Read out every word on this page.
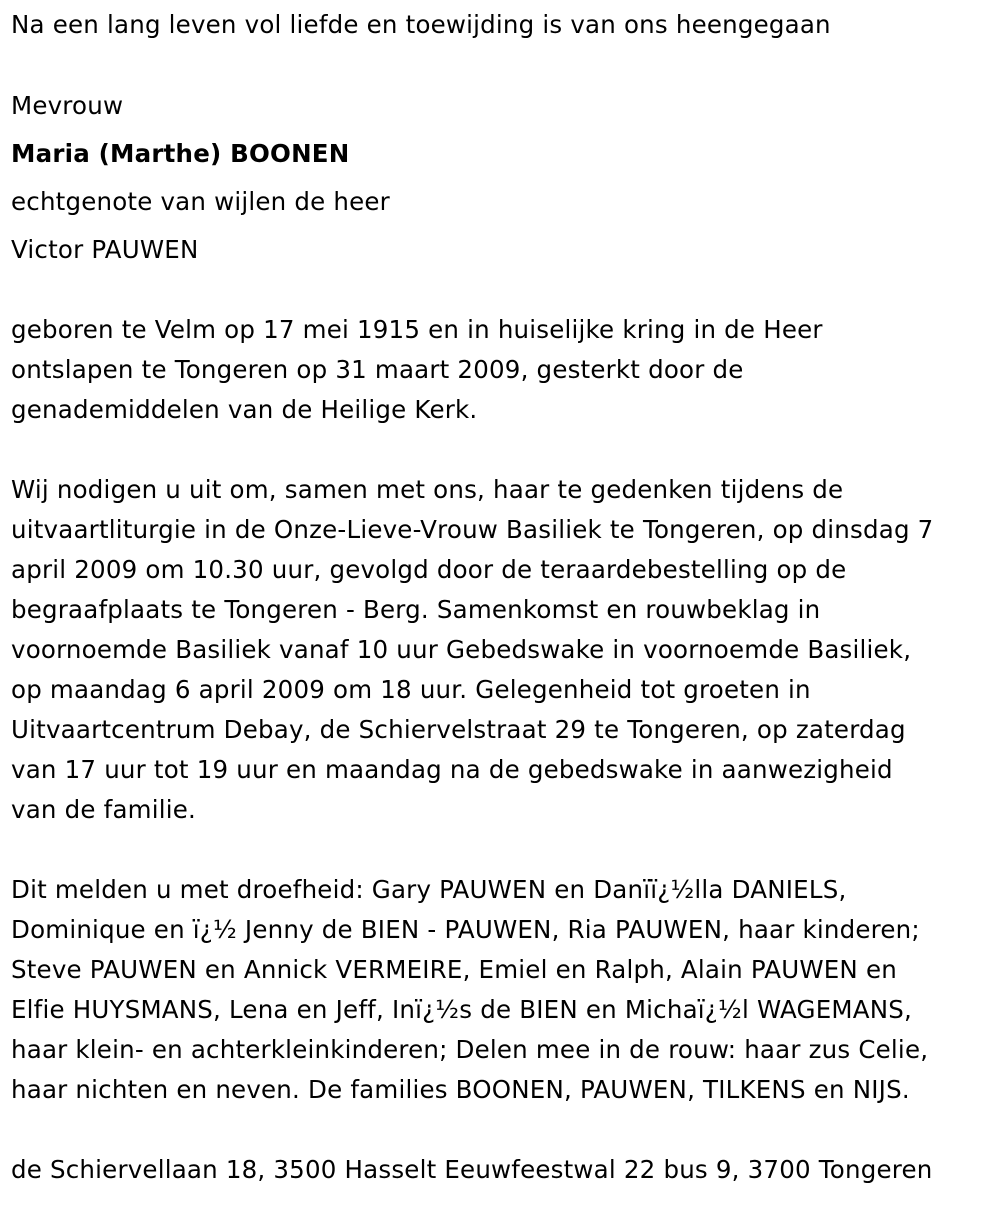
Na een lang leven vol liefde en toewijding is van ons heengegaan
Mevrouw
Maria (Marthe) BOONEN
echtgenote van wijlen de heer
Victor PAUWEN
geboren te Velm op 17 mei 1915 en in huiselijke kring in de Heer
ontslapen te Tongeren op 31 maart 2009, gesterkt door de
genademiddelen van de Heilige Kerk.
Wij nodigen u uit om, samen met ons, haar te gedenken tijdens de
uitvaartliturgie in de Onze-Lieve-Vrouw Basiliek te Tongeren, op dinsdag 7
april 2009 om 10.30 uur, gevolgd door de teraardebestelling op de
begraafplaats te Tongeren - Berg. Samenkomst en rouwbeklag in
voornoemde Basiliek vanaf 10 uur Gebedswake in voornoemde Basiliek,
op maandag 6 april 2009 om 18 uur. Gelegenheid tot groeten in
Uitvaartcentrum Debay, de Schiervelstraat 29 te Tongeren, op zaterdag
van 17 uur tot 19 uur en maandag na de gebedswake in aanwezigheid
van de familie.
Dit melden u met droefheid: Gary PAUWEN en Danïï¿½lla DANIELS,
Dominique en ï¿½ Jenny de BIEN - PAUWEN, Ria PAUWEN, haar kinderen;
Steve PAUWEN en Annick VERMEIRE, Emiel en Ralph, Alain PAUWEN en
Elfie HUYSMANS, Lena en Jeff, Inï¿½s de BIEN en Michaï¿½l WAGEMANS,
haar klein- en achterkleinkinderen; Delen mee in de rouw: haar zus Celie,
haar nichten en neven. De families BOONEN, PAUWEN, TILKENS en NIJS.
de Schiervellaan 18, 3500 Hasselt Eeuwfeestwal 22 bus 9, 3700 Tongeren
